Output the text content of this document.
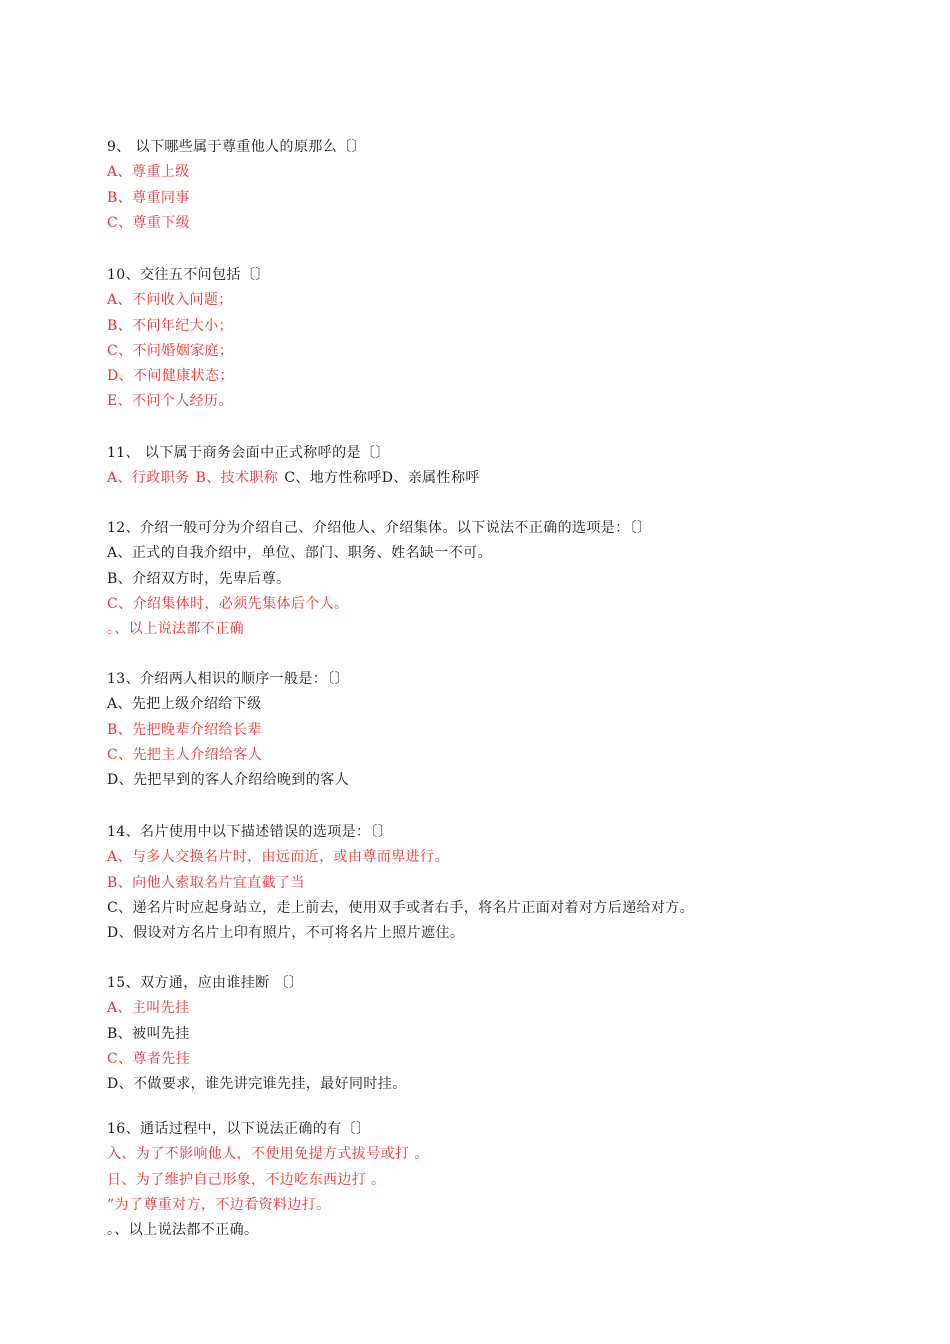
9、 以下哪些属于尊重他人的原那么〔〕
A、尊重上级
B、尊重同事
C、尊重下级
10、交往五不问包括〔〕
A、不问收入问题；
B、不问年纪大小；
C、不问婚姻家庭；
D、不问健康状态；
E、不问个人经历。
11、 以下属于商务会面中正式称呼的是〔〕
A、行政职务 B、技术职称 C、地方性称呼D、亲属性称呼
12、介绍一般可分为介绍自己、介绍他人、介绍集体。以下说法不正确的选项是：〔〕
A、正式的自我介绍中，单位、部门、职务、姓名缺一不可。
B、介绍双方时，先卑后尊。
C、介绍集体时，必须先集体后个人。
。、以上说法都不正确
13、介绍两人相识的顺序一般是：〔〕
A、先把上级介绍给下级
B、先把晚辈介绍给长辈
C、先把主人介绍给客人
D、先把早到的客人介绍给晚到的客人
14、名片使用中以下描述错误的选项是：〔〕
A、与多人交换名片时，由远而近，或由尊而卑进行。
B、向他人索取名片宜直截了当
C、递名片时应起身站立，走上前去，使用双手或者右手，将名片正面对着对方后递给对方。
D、假设对方名片上印有照片，不可将名片上照片遮住。
15、双方通，应由谁挂断 〔〕
A、主叫先挂
B、被叫先挂
C、尊者先挂
D、不做要求，谁先讲完谁先挂，最好同时挂。
16、通话过程中，以下说法正确的有〔〕
入、为了不影响他人，不使用免提方式拔号或打 。
日、为了维护自己形象，不边吃东西边打 。
”为了尊重对方，不边看资料边打。
。、以上说法都不正确。
